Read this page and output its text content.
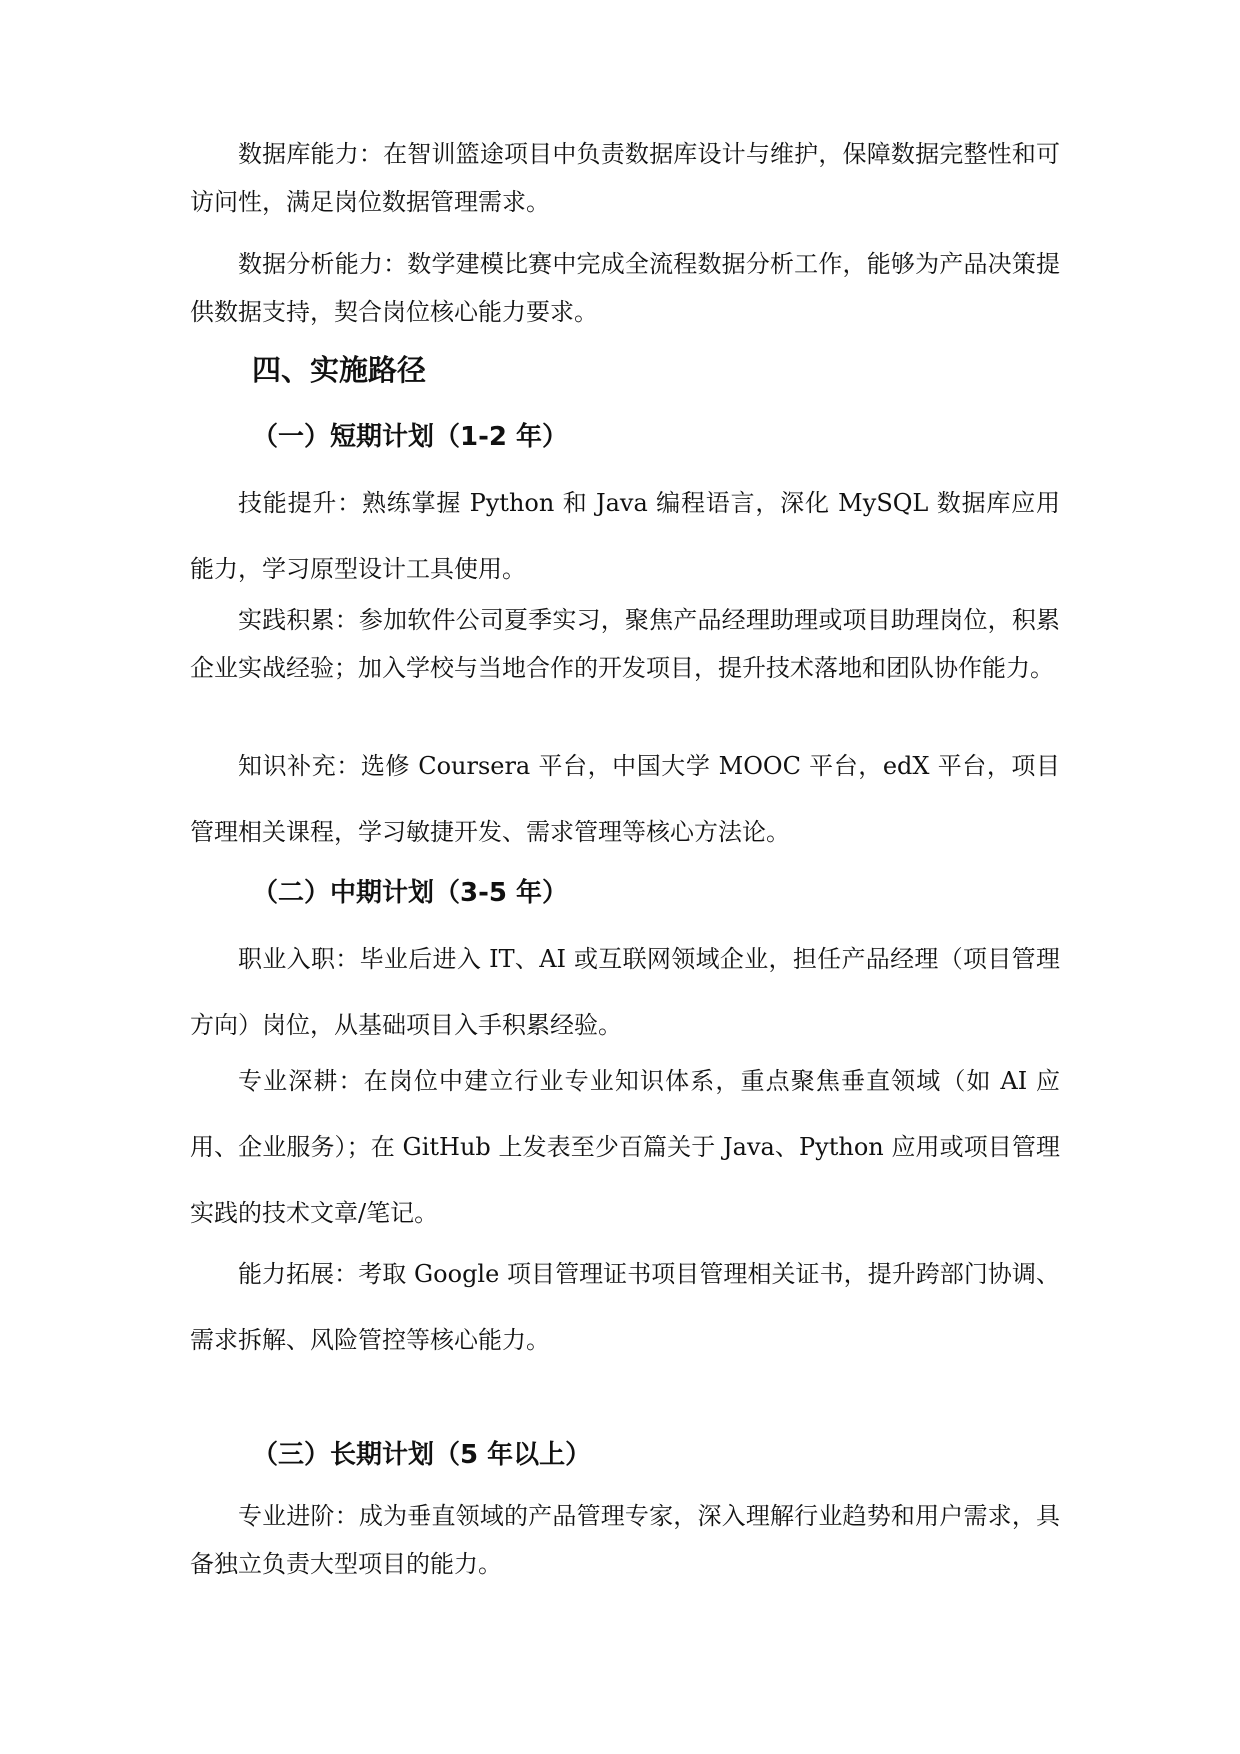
数据库能力：在智训篮途项目中负责数据库设计与维护，保障数据完整性和可访问性，满足岗位数据管理需求。

数据分析能力：数学建模比赛中完成全流程数据分析工作，能够为产品决策提供数据支持，契合岗位核心能力要求。

四、实施路径
（一）短期计划（1-2 年）

技能提升：熟练掌握 Python 和 Java 编程语言，深化 MySQL 数据库应用能力，学习原型设计工具使用。

实践积累：参加软件公司夏季实习，聚焦产品经理助理或项目助理岗位，积累企业实战经验；加入学校与当地合作的开发项目，提升技术落地和团队协作能力。

知识补充：选修 Coursera 平台，中国大学 MOOC 平台，edX 平台，项目管理相关课程，学习敏捷开发、需求管理等核心方法论。

（二）中期计划（3-5 年）

职业入职：毕业后进入 IT、AI 或互联网领域企业，担任产品经理（项目管理方向）岗位，从基础项目入手积累经验。

专业深耕：在岗位中建立行业专业知识体系，重点聚焦垂直领域（如 AI 应用、企业服务）；在 GitHub 上发表至少百篇关于 Java、Python 应用或项目管理实践的技术文章/笔记。

能力拓展：考取 Google 项目管理证书项目管理相关证书，提升跨部门协调、需求拆解、风险管控等核心能力。

（三）长期计划（5 年以上）

专业进阶：成为垂直领域的产品管理专家，深入理解行业趋势和用户需求，具备独立负责大型项目的能力。
